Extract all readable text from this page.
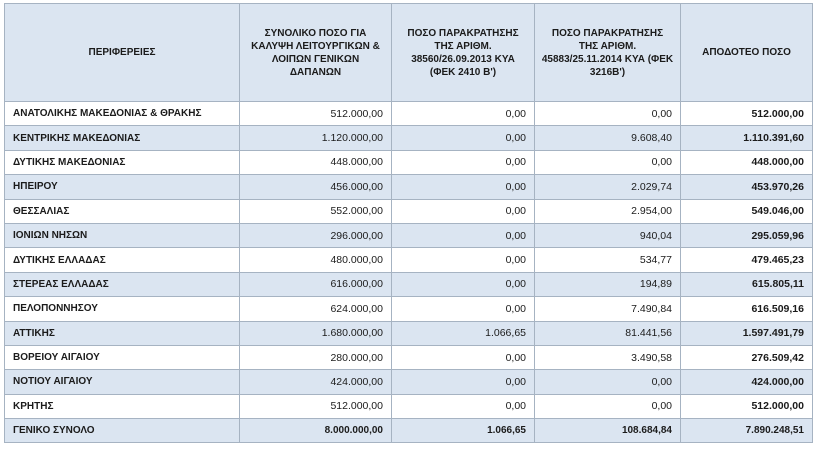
ΠΕΡΙΦΕΡΕΙΕΣ	ΣΥΝΟΛΙΚΟ ΠΟΣΟ ΓΙΑ ΚΑΛΥΨΗ ΛΕΙΤΟΥΡΓΙΚΩΝ & ΛΟΙΠΩΝ ΓΕΝΙΚΩΝ ΔΑΠΑΝΩΝ	ΠΟΣΟ ΠΑΡΑΚΡΑΤΗΣΗΣ ΤΗΣ ΑΡΙΘΜ. 38560/26.09.2013 ΚΥΑ (ΦΕΚ 2410 Β')	ΠΟΣΟ ΠΑΡΑΚΡΑΤΗΣΗΣ ΤΗΣ ΑΡΙΘΜ. 45883/25.11.2014 ΚΥΑ (ΦΕΚ 3216Β')	ΑΠΟΔΟΤΕΟ ΠΟΣΟ
ΑΝΑΤΟΛΙΚΗΣ ΜΑΚΕΔΟΝΙΑΣ & ΘΡΑΚΗΣ	512.000,00	0,00	0,00	512.000,00
ΚΕΝΤΡΙΚΗΣ ΜΑΚΕΔΟΝΙΑΣ	1.120.000,00	0,00	9.608,40	1.110.391,60
ΔΥΤΙΚΗΣ ΜΑΚΕΔΟΝΙΑΣ	448.000,00	0,00	0,00	448.000,00
ΗΠΕΙΡΟΥ	456.000,00	0,00	2.029,74	453.970,26
ΘΕΣΣΑΛΙΑΣ	552.000,00	0,00	2.954,00	549.046,00
ΙΟΝΙΩΝ ΝΗΣΩΝ	296.000,00	0,00	940,04	295.059,96
ΔΥΤΙΚΗΣ ΕΛΛΑΔΑΣ	480.000,00	0,00	534,77	479.465,23
ΣΤΕΡΕΑΣ ΕΛΛΑΔΑΣ	616.000,00	0,00	194,89	615.805,11
ΠΕΛΟΠΟΝΝΗΣΟΥ	624.000,00	0,00	7.490,84	616.509,16
ΑΤΤΙΚΗΣ	1.680.000,00	1.066,65	81.441,56	1.597.491,79
ΒΟΡΕΙΟΥ ΑΙΓΑΙΟΥ	280.000,00	0,00	3.490,58	276.509,42
ΝΟΤΙΟΥ ΑΙΓΑΙΟΥ	424.000,00	0,00	0,00	424.000,00
ΚΡΗΤΗΣ	512.000,00	0,00	0,00	512.000,00
ΓΕΝΙΚΟ ΣΥΝΟΛΟ	8.000.000,00	1.066,65	108.684,84	7.890.248,51
